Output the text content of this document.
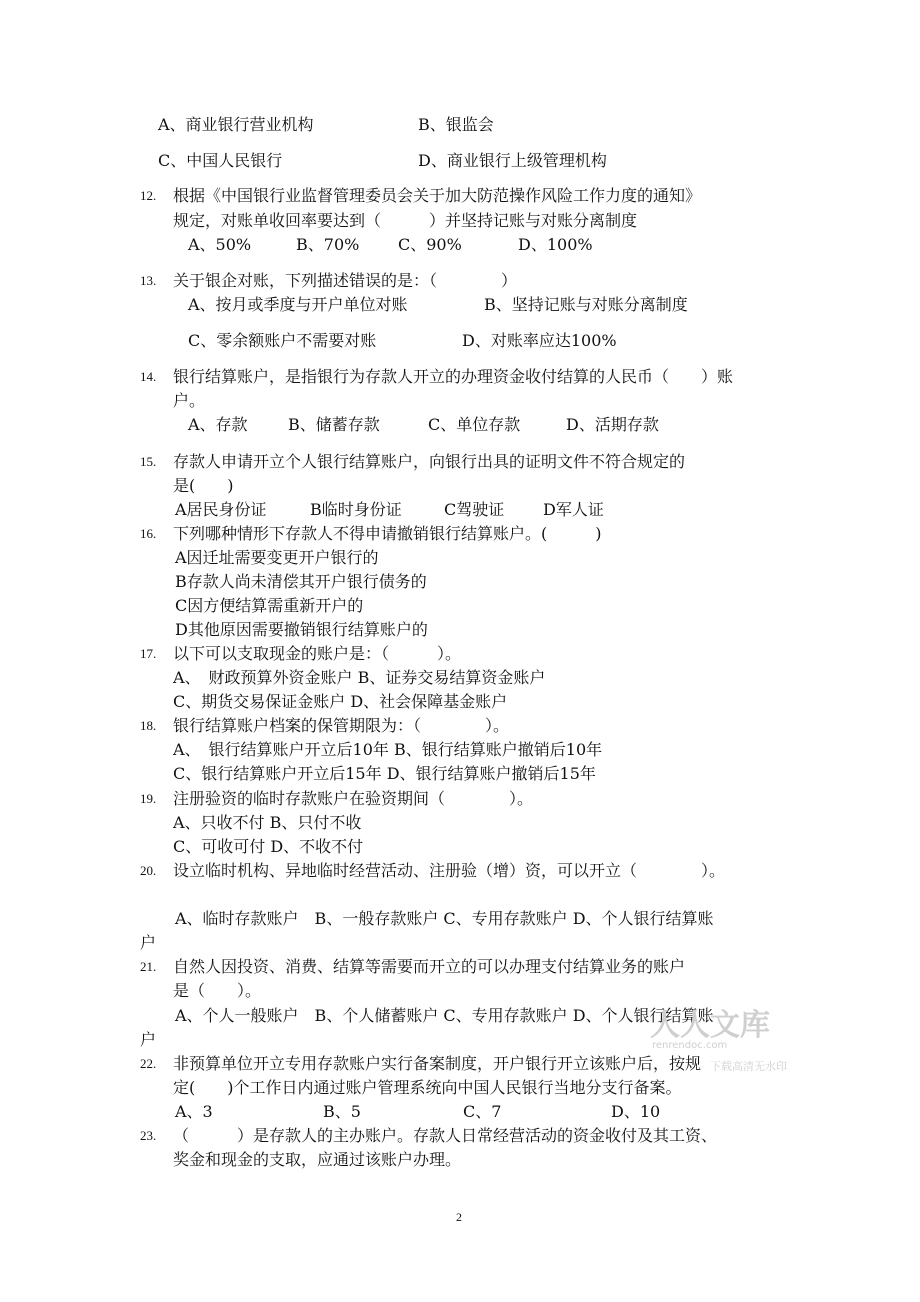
A、商业银行营业机构	B、银监会
C、中国人民银行	D、商业银行上级管理机构
12. 根据《中国银行业监督管理委员会关于加大防范操作风险工作力度的通知》
规定，对账单收回率要达到（　　　）并坚持记账与对账分离制度
A、50%	B、70% C、90%	D、100%
13. 关于银企对账，下列描述错误的是：（　　　　）
A、按月或季度与开户单位对账	B、坚持记账与对账分离制度
C、零余额账户不需要对账	D、对账率应达100%
14. 银行结算账户，是指银行为存款人开立的办理资金收付结算的人民币（　　）账
户。
A、存款	B、储蓄存款	C、单位存款	D、活期存款
15. 存款人申请开立个人银行结算账户，向银行出具的证明文件不符合规定的
是(　　)
A居民身份证	B临时身份证	C驾驶证 D军人证
16. 下列哪种情形下存款人不得申请撤销银行结算账户。(　　　)
A因迁址需要变更开户银行的
B存款人尚未清偿其开户银行债务的
C因方便结算需重新开户的
D其他原因需要撤销银行结算账户的
17. 以下可以支取现金的账户是：（　　　）。
A、　财政预算外资金账户 B、证券交易结算资金账户
C、期货交易保证金账户 D、社会保障基金账户
18. 银行结算账户档案的保管期限为：（　　　　）。
A、　银行结算账户开立后10年 B、银行结算账户撤销后10年
C、银行结算账户开立后15年 D、银行结算账户撤销后15年
19. 注册验资的临时存款账户在验资期间（　　　　）。
A、只收不付 B、只付不收
C、可收可付 D、不收不付
20. 设立临时机构、异地临时经营活动、注册验（增）资，可以开立（　　　　）。
A、临时存款账户　B、一般存款账户 C、专用存款账户 D、个人银行结算账
户
21. 自然人因投资、消费、结算等需要而开立的可以办理支付结算业务的账户
是（　　）。
A、个人一般账户　B、个人储蓄账户 C、专用存款账户 D、个人银行结算账
户
22. 非预算单位开立专用存款账户实行备案制度，开户银行开立该账户后，按规
定(　　)个工作日内通过账户管理系统向中国人民银行当地分支行备案。
A、3	B、5	C、7	D、10
23. （　　　）是存款人的主办账户。存款人日常经营活动的资金收付及其工资、
奖金和现金的支取，应通过该账户办理。
人人文库
renrendoc.com
下载高清无水印
2
